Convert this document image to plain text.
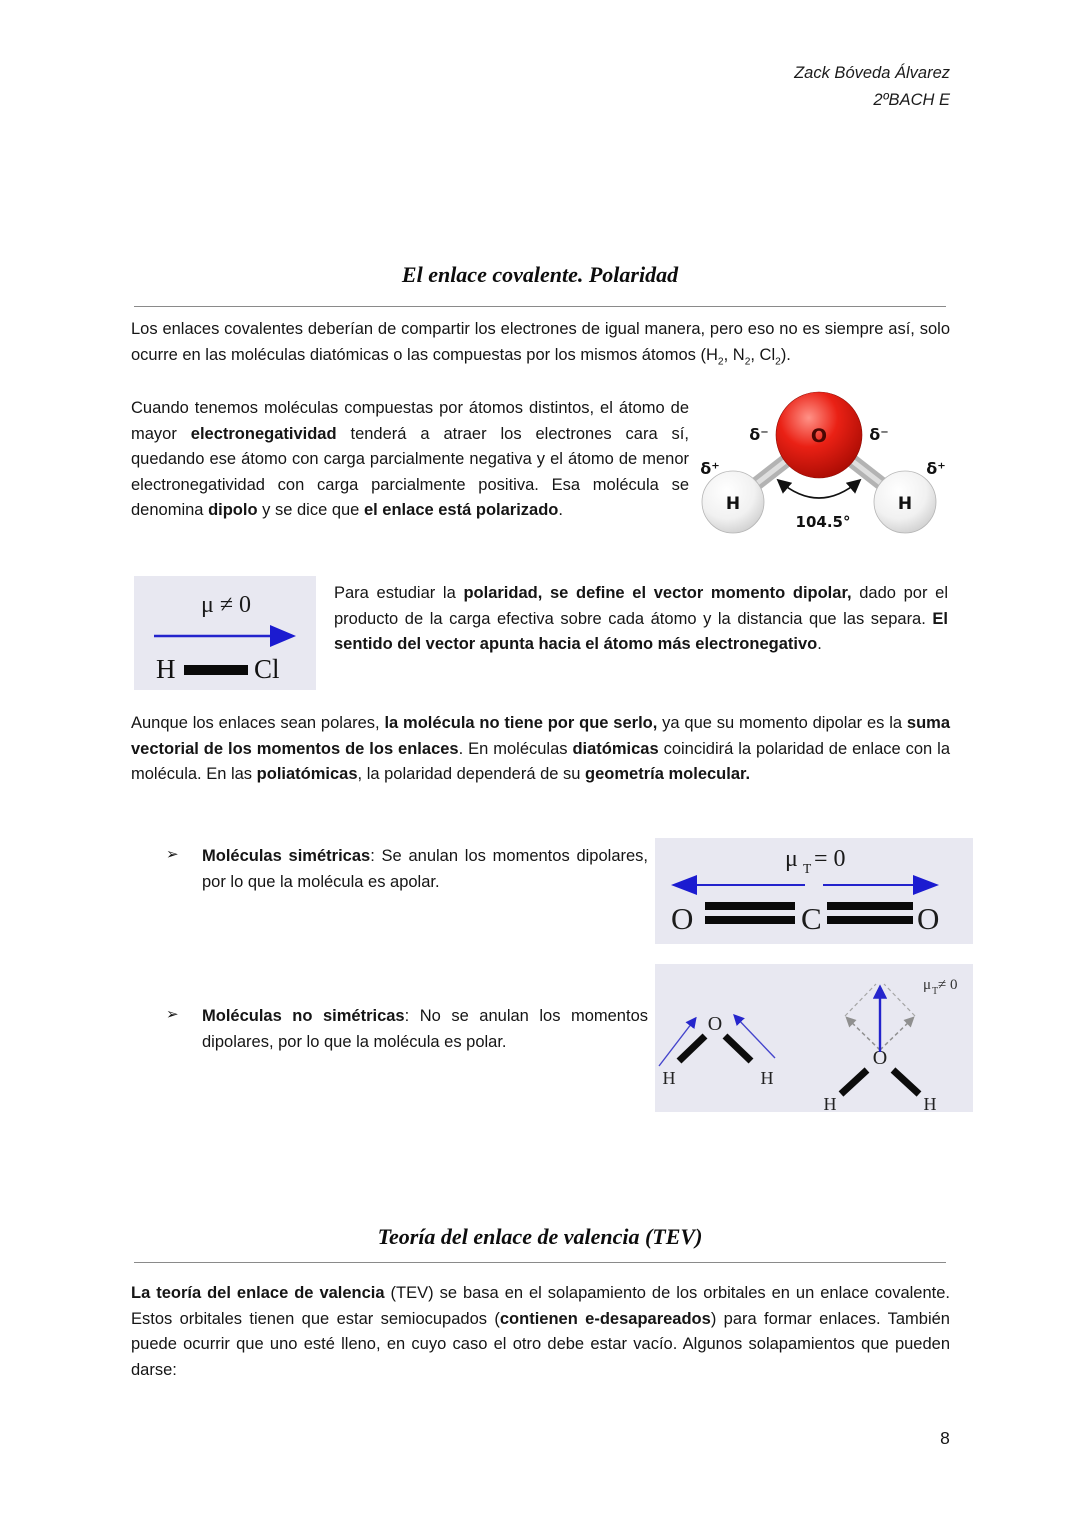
Zack Bóveda Álvarez
2ºBACH E
El enlace covalente. Polaridad

Los enlaces covalentes deberían de compartir los electrones de igual manera, pero eso no es siempre así, solo ocurre en las moléculas diatómicas o las compuestas por los mismos átomos ($H_2$, $N_2$, $Cl_2$).

Cuando tenemos moléculas compuestas por átomos distintos, el átomo de mayor electronegatividad tenderá a atraer los electrones cara sí, quedando ese átomo con carga parcialmente negativa y el átomo de menor electronegatividad con carga parcialmente positiva. Esa molécula se denomina dipolo y se dice que el enlace está polarizado.

O
H	H
δ⁻	δ⁻
δ⁺	δ⁺
104.5°
μ ≠ 0
H	Cl

Para estudiar la polaridad, se define el vector momento dipolar, dado por el producto de la carga efectiva sobre cada átomo y la distancia que las separa. El sentido del vector apunta hacia el átomo más electronegativo.

Aunque los enlaces sean polares, la molécula no tiene por que serlo, ya que su momento dipolar es la suma vectorial de los momentos de los enlaces. En moléculas diatómicas coincidirá la polaridad de enlace con la molécula. En las poliatómicas, la polaridad dependerá de su geometría molecular.

➢	Moléculas simétricas: Se anulan los momentos dipolares, por lo que la molécula es apolar.

μ T = 0
O	C	O
➢	Moléculas no simétricas: No se anulan los momentos dipolares, por lo que la molécula es polar.

O
H	H
O
H	H
μ T ≠ 0
Teoría del enlace de valencia (TEV)

La teoría del enlace de valencia (TEV) se basa en el solapamiento de los orbitales en un enlace covalente. Estos orbitales tienen que estar semiocupados (contienen e-desapareados) para formar enlaces. También puede ocurrir que uno esté lleno, en cuyo caso el otro debe estar vacío. Algunos solapamientos que pueden darse:

8
